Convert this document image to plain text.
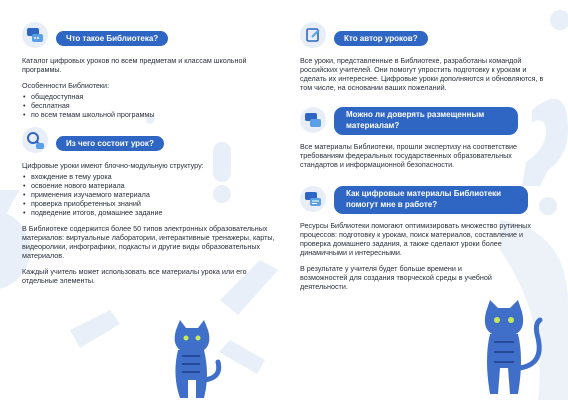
Что такое Библиотека?

Каталог цифровых уроков по всем предметам и классам школьной программы.

Особенности Библиотеки:

• общедоступная
• бесплатная
• по всем темам школьной программы
Из чего состоит урок?

Цифровые уроки имеют блочно-модульную структуру:

• вхождение в тему урока
• освоение нового материала
• применения изучаемого материала
• проверка приобретенных знаний
• подведение итогов, домашнее задание

В Библиотеке содержится более 50 типов электронных образовательных материалов: виртуальные лаборатории, интерактивные тренажеры, карты, видеоролики, инфографики, подкасты и другие виды образовательных материалов.

Каждый учитель может использовать все материалы урока или его отдельные элементы.

Кто автор уроков?

Все уроки, представленные в Библиотеке, разработаны командой российских учителей. Они помогут упростить подготовку к урокам и сделать их интереснее. Цифровые уроки дополняются и обновляются, в том числе, на основании ваших пожеланий.

Можно ли доверять размещенным материалам?

Все материалы Библиотеки, прошли экспертизу на соответствие требованиям федеральных государственных образовательных стандартов и информационной безопасности.

Как цифровые материалы Библиотеки помогут мне в работе?

Ресурсы Библиотеки помогают оптимизировать множество рутинных процессов: подготовку к урокам, поиск материалов, составление и проверка домашнего задания, а также сделают уроки более динамичными и интересными.

В результате у учителя будет больше времени и возможностей для создания творческой среды в учебной деятельности.
